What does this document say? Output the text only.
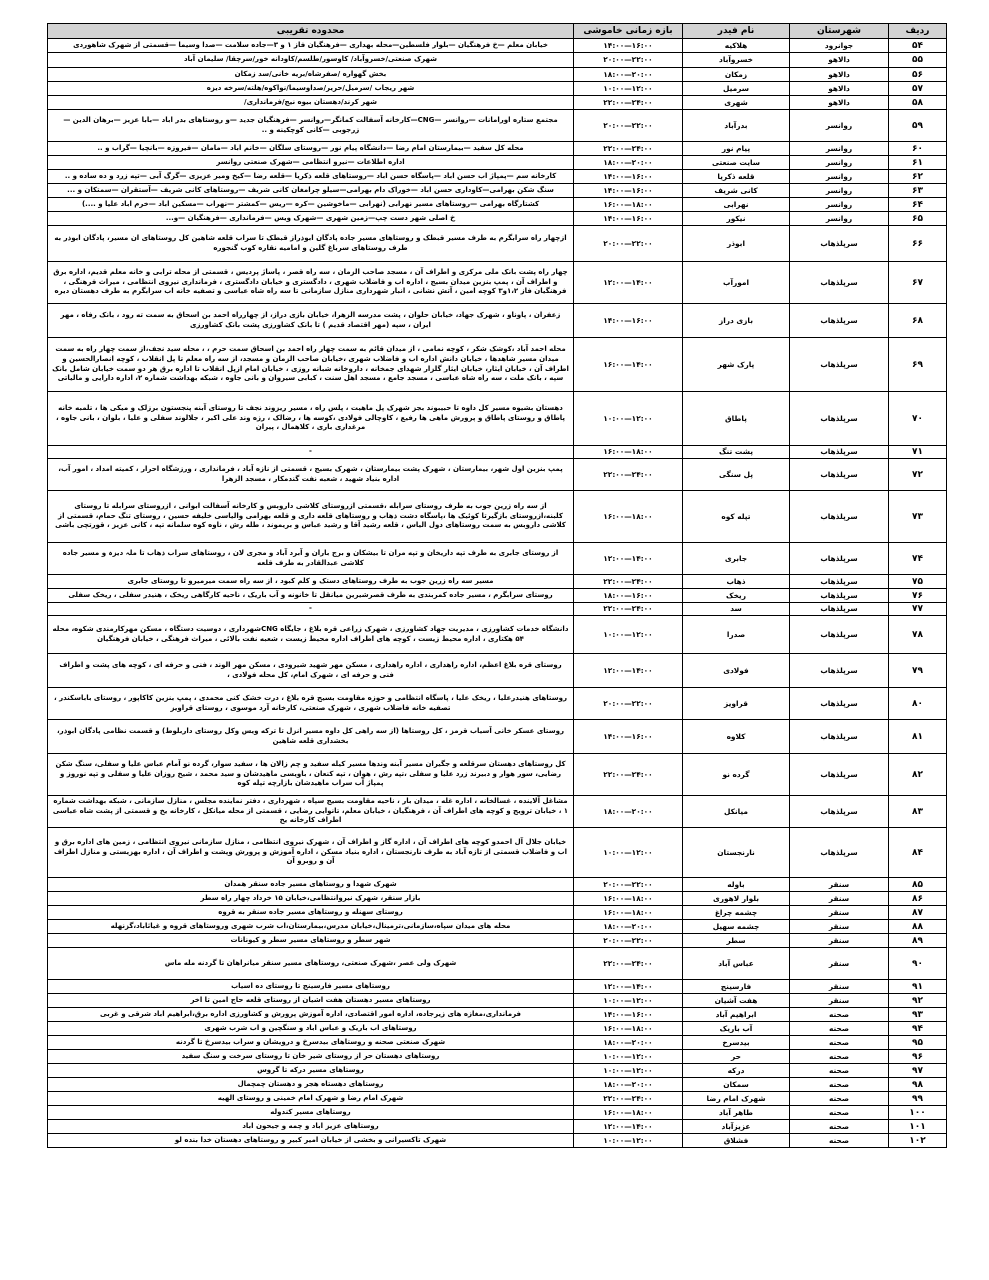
ردیف	شهرستان	نام فیدر	بازه زمانی خاموشی	محدوده تقریبی
۵۴	جوانرود	هلاکیه	۱۴:۰۰—۱۶:۰۰	خیابان معلم —خ فرهنگیان —بلوار فلسطین—محله بهداری —فرهنگیان فاز ۱ و ۳—جاده سلامت —صدا وسیما —قسمتی از شهرک شاهوردی
۵۵	دالاهو	خسروآباد	۲۰:۰۰—۲۲:۰۰	شهرک صنعتی/خسروآباد/ کاوسور/طلسم/کاودانه خور/سرچقا/ سلیمان آباد
۵۶	دالاهو	زمکان	۱۸:۰۰—۲۰:۰۰	بخش گهواره /صفرشاه/بریه خانی/سد زمکان
۵۷	دالاهو	سرمیل	۱۰:۰۰—۱۲:۰۰	شهر ریجاب /سرمیل/حریر/صداوسیما/نواکوه/هلته/سرخه دیزه
۵۸	دالاهو	شهری	۲۲:۰۰—۲۴:۰۰	شهر کرند/دهستان بیوه نیج/فرمانداری/
۵۹	روانسر	بدرآباد	۲۰:۰۰—۲۲:۰۰	مجتمع ستاره اورامانات —روانسر —CNG—کارخانه آسفالت کمانگر—روانسر —فرهنگیان جدید —و روستاهای بدر اباد —بابا عزیز —برهان الدین —زرجوبی —کانی کوچکینه و ..
۶۰	روانسر	پیام نور	۲۲:۰۰—۲۴:۰۰	محله کل سفید —بیمارستان امام رضا —دانشگاه پیام نور —روستای سلگان —خانم اباد —مامان —فیروزه —بانچیا —گراب و ..
۶۱	روانسر	سایت صنعتی	۱۸:۰۰—۲۰:۰۰	اداره اطلاعات —نیرو انتظامی —شهرک صنعتی روانسر
۶۲	روانسر	قلعه ذکریا	۱۴:۰۰—۱۶:۰۰	کارخانه سم —پمپاژ اب حسن اباد —پاسگاه حسن اباد —روستاهای قلعه ذکریا —قلعه رضا —کیخ ومیر عزیزی —گرگ آبی —تپه زرد و ده ساده و ..
۶۳	روانسر	کانی شریف	۱۴:۰۰—۱۶:۰۰	سنگ شکن بهرامی—کاوداری حسن اباد —خوراک دام بهرامی—سیلو چرامغان کانی شریف —روستاهای کانی شریف —آستقران —سمتکان و ...
۶۴	روانسر	نهرابی	۱۶:۰۰—۱۸:۰۰	کشتارگاه بهرامی —روستاهای مسیر نهرابی (نهرابی —ماخوشین —کره —ریس —کمشتر —نهراب —مسکین اباد —خرم اباد علیا و ....)
۶۵	روانسر	نیکور	۱۴:۰۰—۱۶:۰۰	خ اصلی شهر دست چپ—زمین شهری —شهرک ویس —فرمانداری —فرهنگیان —و...
۶۶	سرپلذهاب	ابوذر	۲۰:۰۰—۲۲:۰۰	ازچهار راه سرابگرم به طرف مسیر قبطک و روستاهای مسیر جاده پادگان ابوذراز قبطک تا سراب قلعه شاهین کل روستاهای ان مسیر، پادگان ابوذر به طرف روستاهای سرباغ گلین و امامیه نقاره کوب گنجوره
۶۷	سرپلذهاب	امورآب	۱۲:۰۰—۱۴:۰۰	چهار راه پشت بانک ملی مرکزی و اطراف آن ، مسجد صاحب الزمان ، سه راه قصر ، پاساژ پردیس ، قسمتی از محله ترابی و خانه معلم قدیم، اداره برق و اطراف آن ، پمپ بنزین میدان بسیج ، اداره اب و فاضلاب شهری ، دادگستری و خیابان دادگستری ، فرمانداری نیروی انتظامی ، میراث فرهنگی ، فرهنگیان فاز ۱،۲و۳ کوچه امین ، آتش نشانی ، انبار شهرداری منازل سازمانی تا سه راه شاه عباسی و تصفیه خانه اب سرابگرم به طرف دهستان دیره
۶۸	سرپلذهاب	بازی دراز	۱۴:۰۰—۱۶:۰۰	زعفران ، پاوناو ، شهرک جهاد، خیابان حلوان ، پشت مدرسه الزهرا، خیابان بازی دراز، از چهارراه احمد بن اسحاق به سمت ته رود ، بانک رفاه ، مهر ایران ، سپه (مهر اقتصاد قدیم ) تا بانک کشاورزی پشت بانک کشاورزی
۶۹	سرپلذهاب	پارک شهر	۱۶:۰۰—۱۴:۰۰	محله احمد آباد ،کوشک شکر ، کوچه نمامی ، از میدان قائم به سمت چهار راه احمد بن اسحاق سمت حرم ، ، محله سید نجف،از سمت چهار راه به سمت میدان مسیر شاهدها ، خیابان دانش اداره اب و فاضلاب شهری ،خیابان صاحب الزمان و مسجد، از سه راه معلم تا پل انقلاب ، کوچه انصارالحسین و اطراف آن ، خیابان ایثار، خیابان ایثار گلزار شهدای جمخانه ، داروخانه شبانه روزی ، خیابان امام ازپل انقلاب تا اداره برق هر دو سمت خیابان شامل بانک سپه ، بانک ملت ، سه راه شاه عباسی ، مسجد جامع ، مسجد اهل سنت ، کبابی سیروان و بانی جاوه ، شبکه بهداشت شماره ۲، اداره دارایی و مالیاتی
۷۰	سرپلذهاب	پاطاق	۱۰:۰۰—۱۲:۰۰	دهستان بشیوه مسیر کل داوه تا حبیبوند بجز شهرک پل ماهیت ، پلس راه ، مسیر ریزوند نجف تا روستای آبنه پنجستون برزلک و میکی ها ، تلمبه خانه پاطاق و روستای پاطاق و پرورش ماهی ها رفیع ، کاوچالی فولادی ،کوسه ها ، رضالک ، رزه وند علی اکبر ، جلالوند سفلی و علیا ، بلوان ، بانی جاوه ، مرغداری باری ، کلاهمال ، پیران
۷۱	سرپلذهاب	پشت تنگ	۱۶:۰۰—۱۸:۰۰	-
۷۲	سرپلذهاب	پل سنگی	۲۲:۰۰—۲۴:۰۰	پمپ بنزین اول شهر، بیمارستان ، شهرک پشت بیمارستان ، شهرک بسیج ، قسمتی از نازه آباد ، فرمانداری ، ورزشگاه احرار ، کمیته امداد ، امور آب، اداره بنیاد شهید ، شعبه نفت گندمکار ، مسجد الزهرا
۷۳	سرپلذهاب	تپله کوه	۱۶:۰۰—۱۸:۰۰	از سه راه زرین جوب به طرف روستای سرابله ،قسمتی ازروستای کلاشی داروبس و کارخانه آسفالت ابوانی ، ازروستای سرابله تا روستای کلبنه،ازروستای بازگیرتا کوئیک ها ،پاسگاه دشت ذهاب و روستاهای قلعه داری و قلعه بهرامی والیاسی خلیفه حسین ، روستای تنگ حمام، قسمتی از کلاشی داروبس به سمت روستاهای دول الیاس ، قلعه رشید آقا و رشید عباس و بریموند ، طله رش ، ناوه کوه سلمانه تپه ، کانی عزیز ، قورتچی باشی
۷۴	سرپلذهاب	جابری	۱۲:۰۰—۱۴:۰۰	از روستای جابری به طرف تپه داریخان و تپه مران تا بیشکان و برج باران و آبرد آباد و مجری لان ، روستاهای سراب ذهاب تا ملہ دیزہ و مسیر جاده کلاشی عبدالقادر به طرف قلعه
۷۵	سرپلذهاب	ذهاب	۲۲:۰۰—۲۴:۰۰	مسیر سه راه زرین جوب به طرف روستاهای دستک و کلم کبود ، از سه راه سمت میرمیرو تا روستای جابری
۷۶	سرپلذهاب	ریخک	۱۸:۰۰—۱۶:۰۰	روستای سرابگرم ، مسیر جاده کمربندی به طرف قصرشیرین میانقل تا خانونه و آب باریک ، ناحیه کارگاهی ریخک ، هنیدر سفلی ، ریخک سفلی
۷۷	سرپلذهاب	سد	۲۲:۰۰—۲۴:۰۰	-
۷۸	سرپلذهاب	صدرا	۱۰:۰۰—۱۲:۰۰	دانشگاه خدمات کشاورزی ، مدیریت جهاد کشاورزی ، شهرک زراعی قره بلاغ ، جایگاه CNGشهرداری ، دوسیت دستگاه ، مسکن مهرکارمندی شکوه، محله ۵۴ هکتاری ، اداره محیط زیست ، کوچه های اطراف اداره محیط زیست ، شعبه نفت بالائی ، میراث فرهنگی ، خیابان فرهنگیان
۷۹	سرپلذهاب	فولادی	۱۲:۰۰—۱۴:۰۰	روستای قره بلاغ اعظم، اداره راهداری ، اداره راهداری ، مسکن مهر شهید شیرودی ، مسکن مهر الوند ، فنی و حرفه ای ، کوچه های پشت و اطراف فنی و حرفه ای ، شهرک امام، کل محله فولادی ،
۸۰	سرپلذهاب	قراویز	۲۰:۰۰—۲۲:۰۰	روستاهای هنیدرعلیا ، ریخک علیا ، پاسگاه انتظامی و حوزه مقاومت بسیج قره بلاغ ، درت خشک کنی محمدی ، پمپ بنزین کاکاپور ، روستای باباسکندر ، تصفیه خانه فاضلاب شهری ، شهرک صنعتی، کارخانه آرد موسوی ، روستای قراویز
۸۱	سرپلذهاب	کلاوه	۱۴:۰۰—۱۶:۰۰	روستای عسکر خانی آسیاب قرمز ، کل روستاها (از سه راهی کل داوه مسیر انزل تا ترکه ویس وکل روستای داربلوط) و قسمت نظامی پادگان ابوذر، بخشداری قلعه شاهین
۸۲	سرپلذهاب	گرده نو	۲۲:۰۰—۲۴:۰۰	کل روستاهای دهستان سرقلعه و جگیران مسیر آبنه وندها مسیر کیله سفید و چم زالان ها ، سفید سوار، گرده نو آمام عباس علیا و سفلی، سنگ شکن رضایی، سور هوار و دبیرند زرد علیا و سفلی ،تپه رش ، هوان ، تپه کنعان ، باویسی ماهیدشان و سید محمد ، شیخ روزان علیا و سفلی و تپه نوروز و پمپاژ آب سراب ماهیدشان بازارچه تپله کوه
۸۳	سرپلذهاب	میانکل	۱۸:۰۰—۲۰:۰۰	مشاغل آلاینده ، غسالخانه ، اداره غله ، میدان بار ، ناحیه مقاومت بسیج سپاه ، شهرداری ، دفتر نماینده مجلس ، منازل سازمانی ، شبکه بهداشت شماره ۱ ، خیابان ترویج و کوچه های اطراف آن ، فرهنگیان ، خیابان معلم، تانوایی رضایی ، قسمتی از محله میانکل ، کارخانه یخ و قسمتی از پشت شاه عباسی اطراف کارخانه یخ
۸۴	سرپلذهاب	نارنجستان	۱۰:۰۰—۱۲:۰۰	خیابان جلال آل احمدو کوچه های اطراف آن ، اداره گاز و اطراف آن ، شهرک نیروی انتظامی ، منازل سازمانی نیروی انتظامی ، زمین های اداره برق و اب و فاضلاب قسمتی از تازه آباد به طرف نارنجستان ، اداره بنیاد مسکن ، اداره آموزش و پرورش وپشت و اطراف آن ، اداره بهزیستی و منازل اطراف آن و روبرو آن
۸۵	سنقر	باوله	۲۰:۰۰—۲۲:۰۰	شهرک شهدا و روستاهای مسیر جاده سنقر همدان
۸۶	سنقر	بلوار لاهوری	۱۶:۰۰—۱۸:۰۰	بازار سنقر، شهرک نیروانتظامی،خیابان ۱۵ خرداد چهار راه سطر
۸۷	سنقر	چشمه چراغ	۱۶:۰۰—۱۸:۰۰	روستای سهنله و روستاهای مسیر جاده سنقر به قروه
۸۸	سنقر	چشمه سهیل	۱۸:۰۰—۲۰:۰۰	محله های میدان سپاه،سازمانی،ترمینال،خیابان مدرس،بیمارستان،اب شرب شهری وروستاهای قروه و غیاثاباد،گزنهله
۸۹	سنقر	سطر	۲۰:۰۰—۲۲:۰۰	شهر سطر و روستاهای مسیر سطر و کیونانات
۹۰	سنقر	عباس آباد	۲۲:۰۰—۲۴:۰۰	شهرک ولی عصر ،شهرک صنعتی، روستاهای مسیر سنقر میانراهان تا گردنه مله ماس
۹۱	سنقر	فارسینج	۱۲:۰۰—۱۴:۰۰	روستاهای مسیر فارسینج تا روستای ده اسیاب
۹۲	سنقر	هفت آشیان	۱۰:۰۰—۱۲:۰۰	روستاهای مسیر دهستان هفت اشیان از روستای قلعه حاج امین تا اخر
۹۳	صحنه	ابراهیم آباد	۱۴:۰۰—۱۶:۰۰	فرمانداری،مغازه های زیرجاده، اداره امور اقتصادی، اداره آموزش پرورش و کشاورزی اداره برق،ابراهیم اباد شرقی و غربی
۹۴	صحنه	آب باریک	۱۶:۰۰—۱۸:۰۰	روستاهای اب باریک و عباس اباد و سنگچین و اب شرب شهری
۹۵	صحنه	بیدسرخ	۱۸:۰۰—۲۰:۰۰	شهرک صنعتی صحنه و روستاهای بیدسرخ و درویشان و سراب بیدسرخ تا گردنه
۹۶	صحنه	حر	۱۰:۰۰—۱۲:۰۰	روستاهای دهستان حر از روستای شیر خان تا روستای سرخت و سنگ سفید
۹۷	صحنه	درکه	۱۰:۰۰—۱۲:۰۰	روستاهای مسیر درکه تا گروس
۹۸	صحنه	سمکان	۱۸:۰۰—۲۰:۰۰	روستاهای دهستاه هجر و دهستان چمچمال
۹۹	صحنه	شهرک امام رضا	۲۲:۰۰—۲۴:۰۰	شهرک امام رضا و شهرک امام خمینی و روستای الهیه
۱۰۰	صحنه	طاهر آباد	۱۶:۰۰—۱۸:۰۰	روستاهای مسیر کندوله
۱۰۱	صحنه	عزیزآباد	۱۲:۰۰—۱۴:۰۰	روستاهای عزیز اباد و چمه و جیحون اباد
۱۰۲	صحنه	فشلاق	۱۰:۰۰—۱۲:۰۰	شهرک تاکسیرانی و بخشی از خیابان امیر کبیر و روستاهای دهستان خدا بنده لو
